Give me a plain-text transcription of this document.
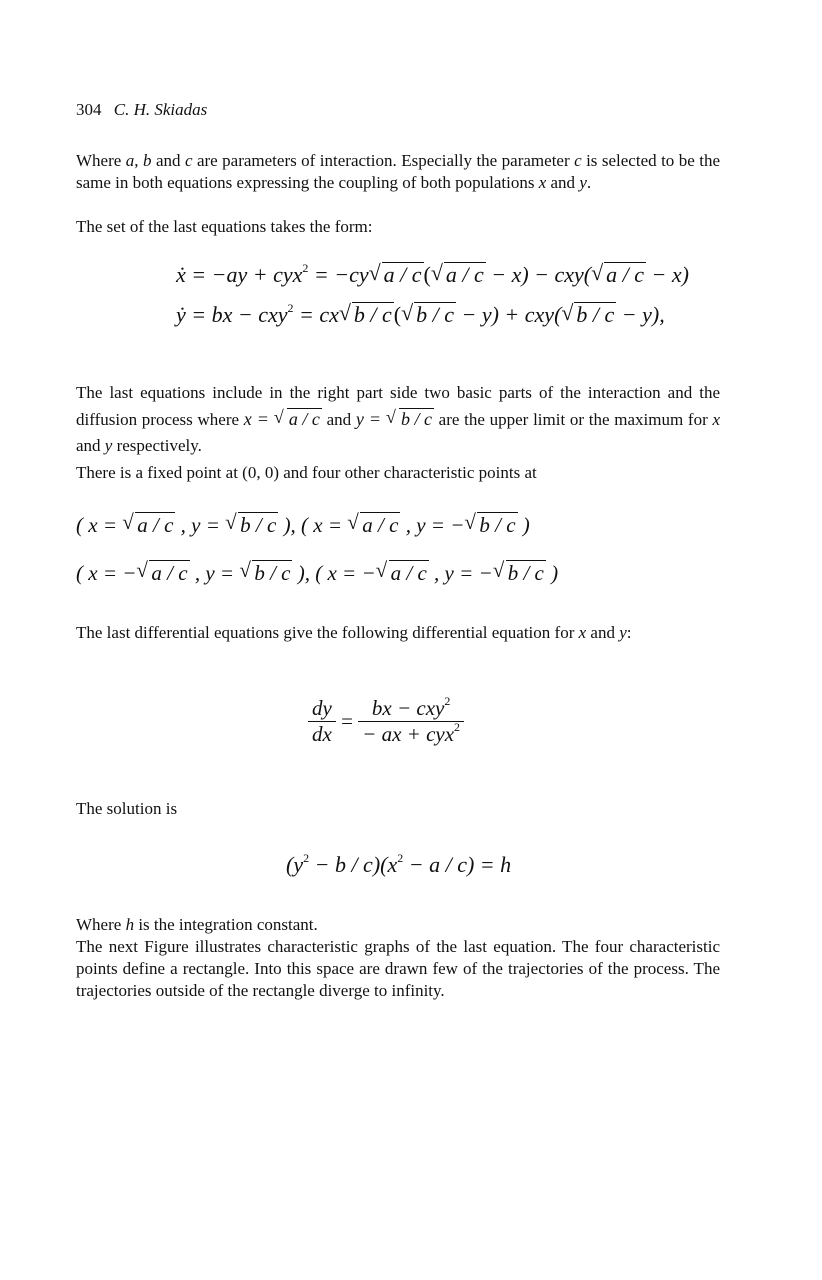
304 C. H. Skiadas

Where a, b and c are parameters of interaction. Especially the parameter c is selected to be the same in both equations expressing the coupling of both populations x and y.

The set of the last equations takes the form:

ẋ = −ay + cyx$^2$ = −cy √ a / c( √ a / c − x) − cxy( √ a / c − x)
ẏ = bx − cxy$^2$ = cx √ b / c( √ b / c − y) + cxy( √ b / c − y),

The last equations include in the right part side two basic parts of the interaction and the diffusion process where x = √ a / c and y = √ b / c are the upper limit or the maximum for x and y respectively.

There is a fixed point at (0, 0) and four other characteristic points at

( x = √ a / c , y = √ b / c ), ( x = √ a / c , y = − √ b / c )
( x = − √ a / c , y = √ b / c ), ( x = − √ a / c , y = − √ b / c )

The last differential equations give the following differential equation for x and y:

$\frac{dy}{dx} = \frac{bx - cxy^2}{- ax + cyx^2}$

The solution is

$(y^2 - b / c)(x^2 - a / c) = h$

Where h is the integration constant.

The next Figure illustrates characteristic graphs of the last equation. The four characteristic points define a rectangle. Into this space are drawn few of the trajectories of the process. The trajectories outside of the rectangle diverge to infinity.
